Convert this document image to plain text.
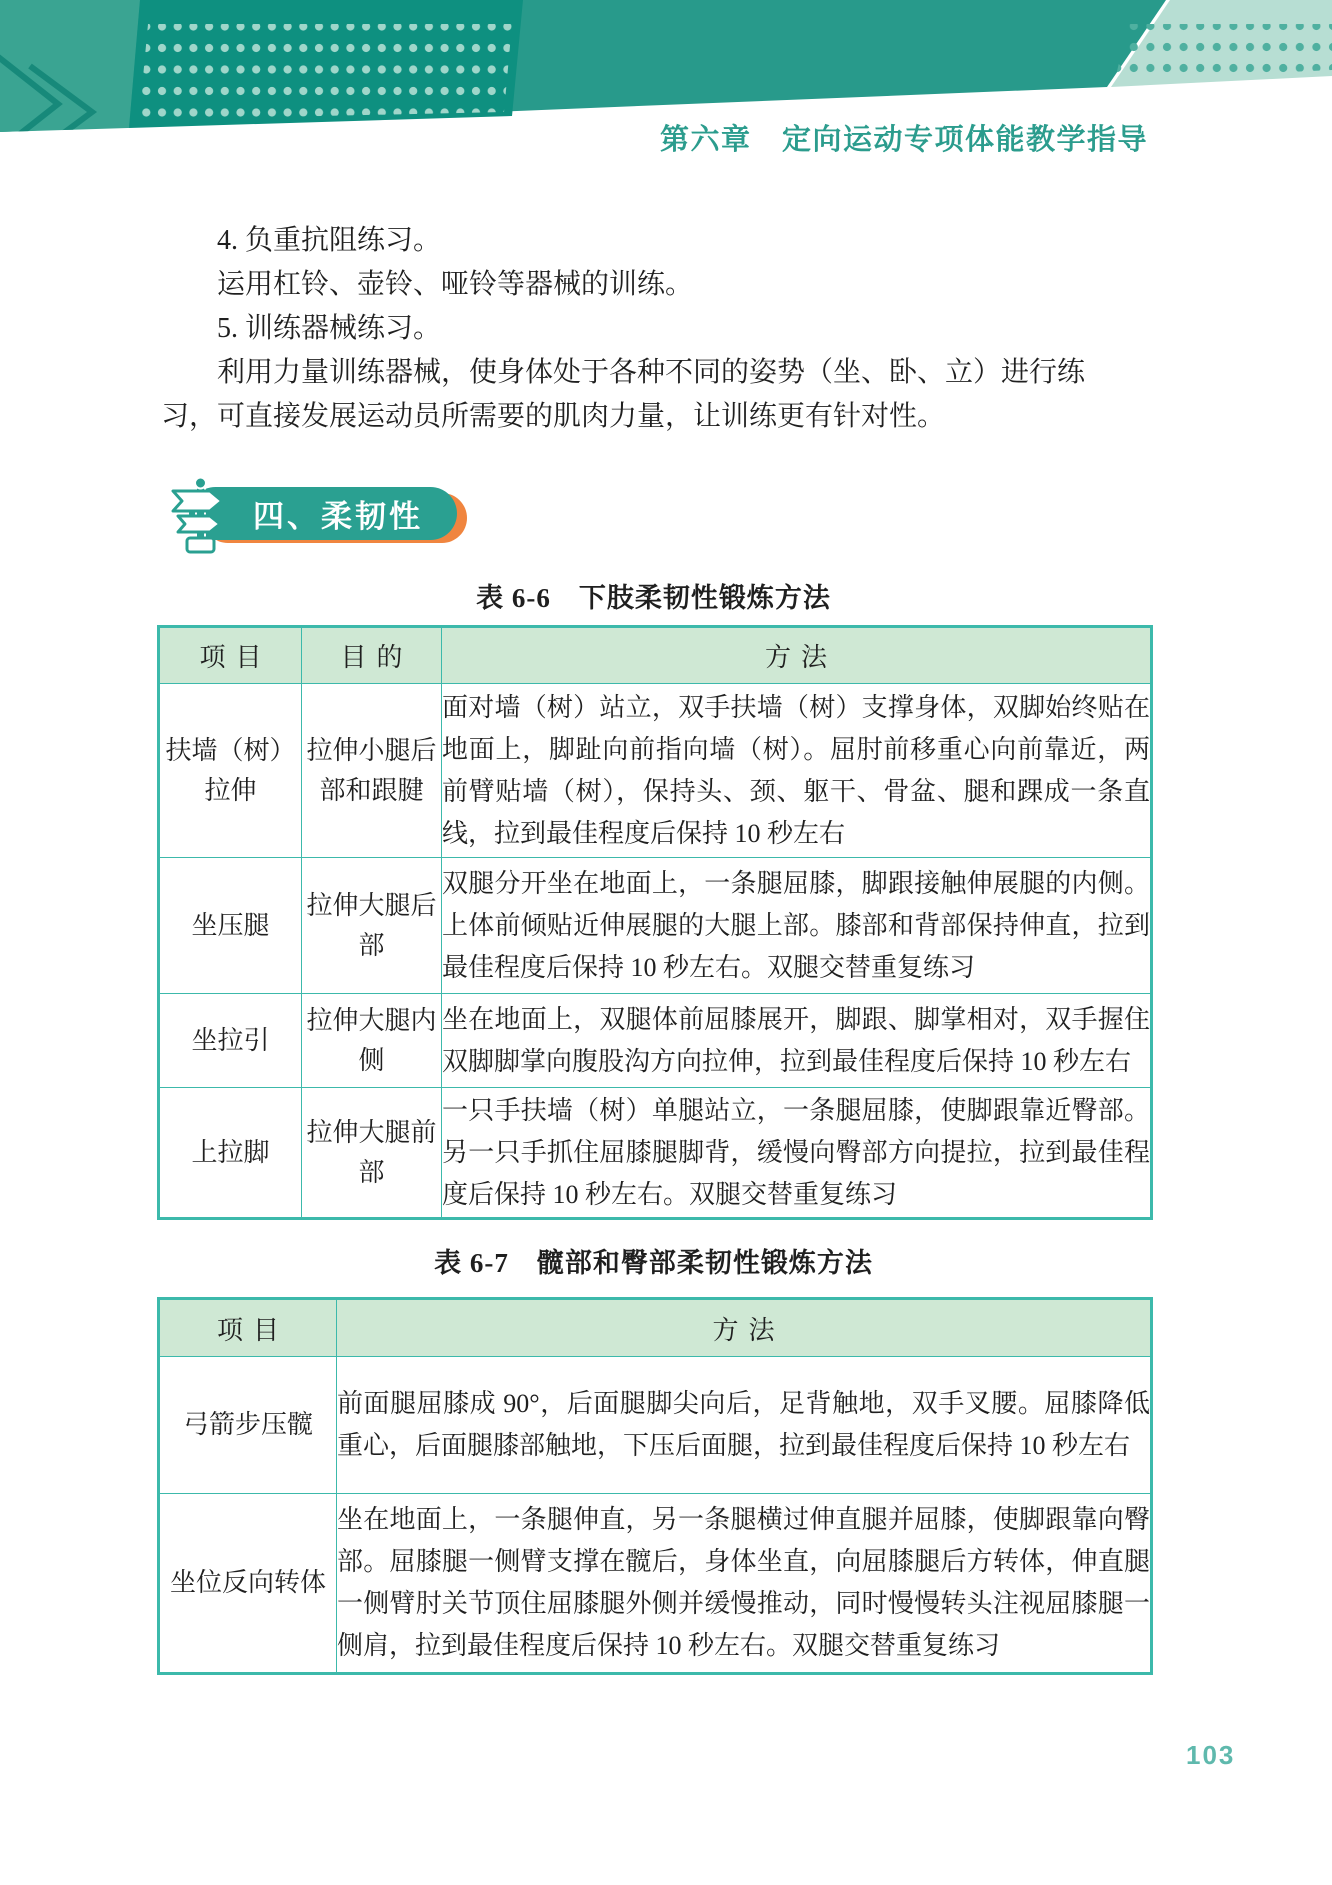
第六章　定向运动专项体能教学指导

4. 负重抗阻练习。

运用杠铃、壶铃、哑铃等器械的训练。

5. 训练器械练习。

利用力量训练器械，使身体处于各种不同的姿势（坐、卧、立）进行练

习，可直接发展运动员所需要的肌肉力量，让训练更有针对性。

四、柔韧性
表 6-6　下肢柔韧性锻炼方法
项目	目的	方法
扶墙（树）拉伸	拉伸小腿后部和跟腱	面对墙（树）站立，双手扶墙（树）支撑身体，双脚始终贴在地面上，脚趾向前指向墙（树）。屈肘前移重心向前靠近，两前臂贴墙（树），保持头、颈、躯干、骨盆、腿和踝成一条直线，拉到最佳程度后保持 10 秒左右
坐压腿	拉伸大腿后部	双腿分开坐在地面上，一条腿屈膝，脚跟接触伸展腿的内侧。上体前倾贴近伸展腿的大腿上部。膝部和背部保持伸直，拉到最佳程度后保持 10 秒左右。双腿交替重复练习
坐拉引	拉伸大腿内侧	坐在地面上，双腿体前屈膝展开，脚跟、脚掌相对，双手握住双脚脚掌向腹股沟方向拉伸，拉到最佳程度后保持 10 秒左右
上拉脚	拉伸大腿前部	一只手扶墙（树）单腿站立，一条腿屈膝，使脚跟靠近臀部。另一只手抓住屈膝腿脚背，缓慢向臀部方向提拉，拉到最佳程度后保持 10 秒左右。双腿交替重复练习
表 6-7　髋部和臀部柔韧性锻炼方法
项目	方法
弓箭步压髋	前面腿屈膝成 90°，后面腿脚尖向后，足背触地，双手叉腰。屈膝降低重心，后面腿膝部触地，下压后面腿，拉到最佳程度后保持 10 秒左右
坐位反向转体	坐在地面上，一条腿伸直，另一条腿横过伸直腿并屈膝，使脚跟靠向臀部。屈膝腿一侧臂支撑在髋后，身体坐直，向屈膝腿后方转体，伸直腿一侧臂肘关节顶住屈膝腿外侧并缓慢推动，同时慢慢转头注视屈膝腿一侧肩，拉到最佳程度后保持 10 秒左右。双腿交替重复练习
103
